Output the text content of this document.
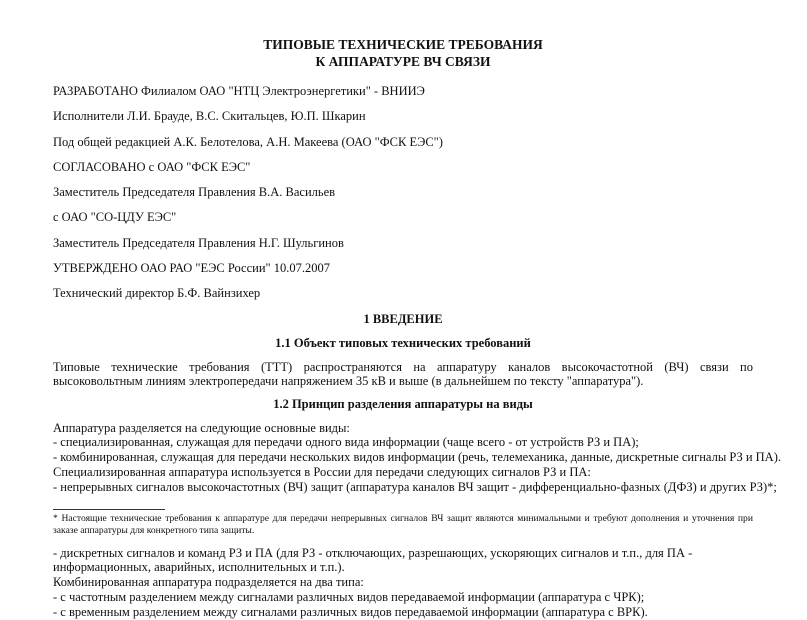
ТИПОВЫЕ ТЕХНИЧЕСКИЕ ТРЕБОВАНИЯ
К АППАРАТУРЕ ВЧ СВЯЗИ

РАЗРАБОТАНО Филиалом ОАО "НТЦ Электроэнергетики" - ВНИИЭ

Исполнители Л.И. Брауде, В.С. Скитальцев, Ю.П. Шкарин

Под общей редакцией А.К. Белотелова, А.Н. Макеева (ОАО "ФСК ЕЭС")

СОГЛАСОВАНО с ОАО "ФСК ЕЭС"

Заместитель Председателя Правления В.А. Васильев

с ОАО "СО-ЦДУ ЕЭС"

Заместитель Председателя Правления Н.Г. Шульгинов

УТВЕРЖДЕНО ОАО РАО "ЕЭС России" 10.07.2007

Технический директор Б.Ф. Вайнзихер

1 ВВЕДЕНИЕ
1.1 Объект типовых технических требований

Типовые технические требования (ТТТ) распространяются на аппаратуру каналов высокочастотной (ВЧ) связи по высоковольтным линиям электропередачи напряжением 35 кВ и выше (в дальнейшем по тексту "аппаратура").

1.2 Принцип разделения аппаратуры на виды

Аппаратура разделяется на следующие основные виды:

- специализированная, служащая для передачи одного вида информации (чаще всего - от устройств РЗ и ПА);

- комбинированная, служащая для передачи нескольких видов информации (речь, телемеханика, данные, дискретные сигналы РЗ и ПА).

Специализированная аппаратура используется в России для передачи следующих сигналов РЗ и ПА:

- непрерывных сигналов высокочастотных (ВЧ) защит (аппаратура каналов ВЧ защит - дифференциально-фазных (ДФЗ) и других РЗ)*;

* Настоящие технические требования к аппаратуре для передачи непрерывных сигналов ВЧ защит являются минимальными и требуют дополнения и уточнения при заказе аппаратуры для конкретного типа защиты.

- дискретных сигналов и команд РЗ и ПА (для РЗ - отключающих, разрешающих, ускоряющих сигналов и т.п., для ПА - информационных, аварийных, исполнительных и т.п.).

Комбинированная аппаратура подразделяется на два типа:

- с частотным разделением между сигналами различных видов передаваемой информации (аппаратура с ЧРК);

- с временным разделением между сигналами различных видов передаваемой информации (аппаратура с ВРК).
